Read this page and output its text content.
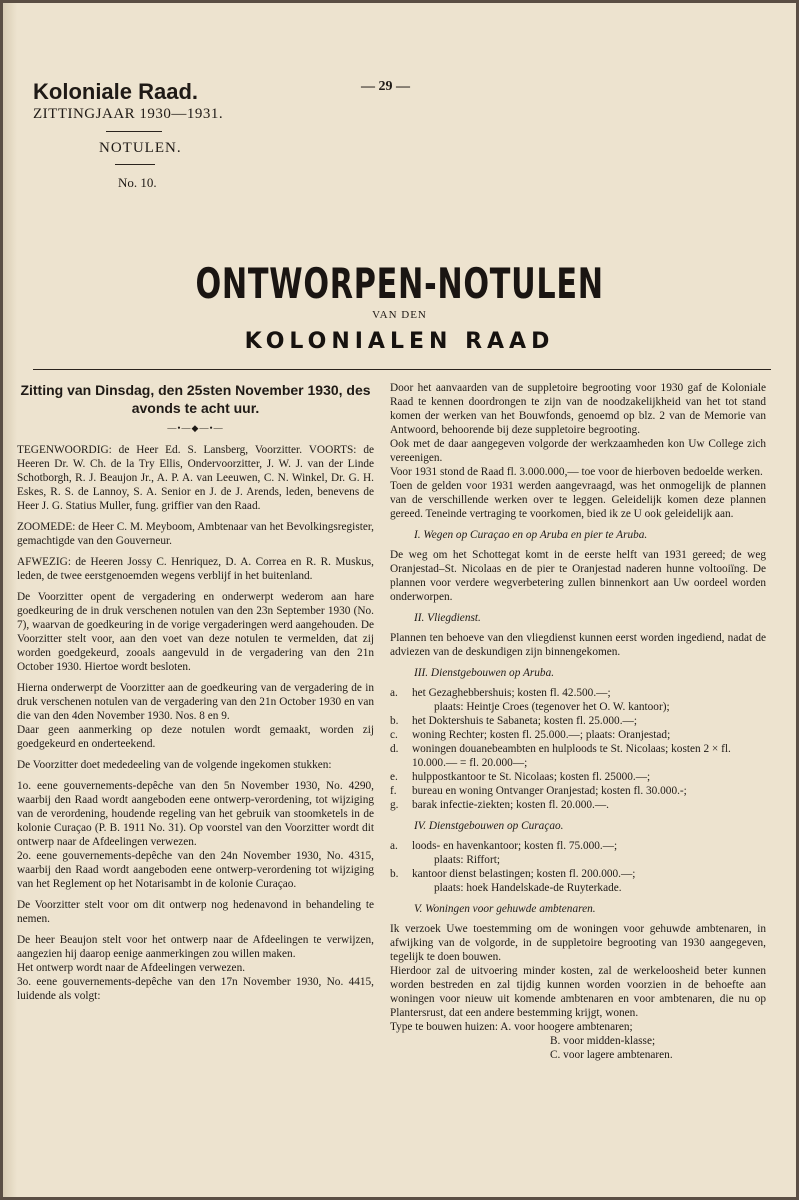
Koloniale Raad.
ZITTINGJAAR 1930—1931.
— 29 —
NOTULEN.
No. 10.
ONTWORPEN-NOTULEN
VAN DEN
KOLONIALEN RAAD

Zitting van Dinsdag, den 25sten November 1930, des avonds te acht uur.

—•—◆—•—

TEGENWOORDIG: de Heer Ed. S. Lansberg, Voorzitter. VOORTS: de Heeren Dr. W. Ch. de la Try Ellis, Ondervoorzitter, J. W. J. van der Linde Schotborgh, R. J. Beaujon Jr., A. P. A. van Leeuwen, C. N. Winkel, Dr. G. H. Eskes, R. S. de Lannoy, S. A. Senior en J. de J. Arends, leden, benevens de Heer J. G. Statius Muller, fung. griffier van den Raad.

ZOOMEDE: de Heer C. M. Meyboom, Ambtenaar van het Bevolkingsregister, gemachtigde van den Gouverneur.

AFWEZIG: de Heeren Jossy C. Henriquez, D. A. Correa en R. R. Muskus, leden, de twee eerstgenoemden wegens verblijf in het buitenland.

De Voorzitter opent de vergadering en onderwerpt wederom aan hare goedkeuring de in druk verschenen notulen van den 23n September 1930 (No. 7), waarvan de goedkeuring in de vorige vergaderingen werd aangehouden. De Voorzitter stelt voor, aan den voet van deze notulen te vermelden, dat zij worden goedgekeurd, zooals aangevuld in de vergadering van den 21n October 1930. Hiertoe wordt besloten.

Hierna onderwerpt de Voorzitter aan de goedkeuring van de vergadering de in druk verschenen notulen van de vergadering van den 21n October 1930 en van die van den 4den November 1930. Nos. 8 en 9.

Daar geen aanmerking op deze notulen wordt gemaakt, worden zij goedgekeurd en onderteekend.

De Voorzitter doet mededeeling van de volgende ingekomen stukken:

1o. eene gouvernements-depêche van den 5n November 1930, No. 4290, waarbij den Raad wordt aangeboden eene ontwerp-verordening, tot wijziging van de verordening, houdende regeling van het gebruik van stoomketels in de kolonie Curaçao (P. B. 1911 No. 31). Op voorstel van den Voorzitter wordt dit ontwerp naar de Afdeelingen verwezen.

2o. eene gouvernements-depêche van den 24n November 1930, No. 4315, waarbij den Raad wordt aangeboden eene ontwerp-verordening tot wijziging van het Reglement op het Notarisambt in de kolonie Curaçao.

De Voorzitter stelt voor om dit ontwerp nog hedenavond in behandeling te nemen.

De heer Beaujon stelt voor het ontwerp naar de Afdeelingen te verwijzen, aangezien hij daarop eenige aanmerkingen zou willen maken.

Het ontwerp wordt naar de Afdeelingen verwezen.

3o. eene gouvernements-depêche van den 17n November 1930, No. 4415, luidende als volgt:

Door het aanvaarden van de suppletoire begrooting voor 1930 gaf de Koloniale Raad te kennen doordrongen te zijn van de noodzakelijkheid van het tot stand komen der werken van het Bouwfonds, genoemd op blz. 2 van de Memorie van Antwoord, behoorende bij deze suppletoire begrooting.

Ook met de daar aangegeven volgorde der werkzaamheden kon Uw College zich vereenigen.

Voor 1931 stond de Raad fl. 3.000.000,— toe voor de hierboven bedoelde werken.

Toen de gelden voor 1931 werden aangevraagd, was het onmogelijk de plannen van de verschillende werken over te leggen. Geleidelijk komen deze plannen gereed. Teneinde vertraging te voorkomen, bied ik ze U ook geleidelijk aan.

I. Wegen op Curaçao en op Aruba en pier te Aruba.

De weg om het Schottegat komt in de eerste helft van 1931 gereed; de weg Oranjestad–St. Nicolaas en de pier te Oranjestad naderen hunne voltooiïng. De plannen voor verdere wegverbetering zullen binnenkort aan Uw oordeel worden onderworpen.

II. Vliegdienst.

Plannen ten behoeve van den vliegdienst kunnen eerst worden ingediend, nadat de adviezen van de deskundigen zijn binnengekomen.

III. Dienstgebouwen op Aruba.

a.	het Gezaghebbershuis; kosten fl. 42.500.—;
plaats: Heintje Croes (tegenover het O. W. kantoor);
b.	het Doktershuis te Sabaneta; kosten fl. 25.000.—;
c.	woning Rechter; kosten fl. 25.000.—; plaats: Oranjestad;
d.	woningen douanebeambten en hulploods te St. Nicolaas; kosten 2 × fl. 10.000.— = fl. 20.000—;
e.	hulppostkantoor te St. Nicolaas; kosten fl. 25000.—;
f.	bureau en woning Ontvanger Oranjestad; kosten fl. 30.000.-;
g.	barak infectie-ziekten; kosten fl. 20.000.—.

IV. Dienstgebouwen op Curaçao.

a.	loods- en havenkantoor; kosten fl. 75.000.—;
plaats: Riffort;
b.	kantoor dienst belastingen; kosten fl. 200.000.—;
plaats: hoek Handelskade-de Ruyterkade.

V. Woningen voor gehuwde ambtenaren.

Ik verzoek Uwe toestemming om de woningen voor gehuwde ambtenaren, in afwijking van de volgorde, in de suppletoire begrooting van 1930 aangegeven, tegelijk te doen bouwen.

Hierdoor zal de uitvoering minder kosten, zal de werkeloosheid beter kunnen worden bestreden en zal tijdig kunnen worden voorzien in de behoefte aan woningen voor nieuw uit komende ambtenaren en voor ambtenaren, die nu op Plantersrust, dat een andere bestemming krijgt, wonen.

Type te bouwen huizen: A. voor hoogere ambtenaren;
B. voor midden-klasse;
C. voor lagere ambtenaren.
